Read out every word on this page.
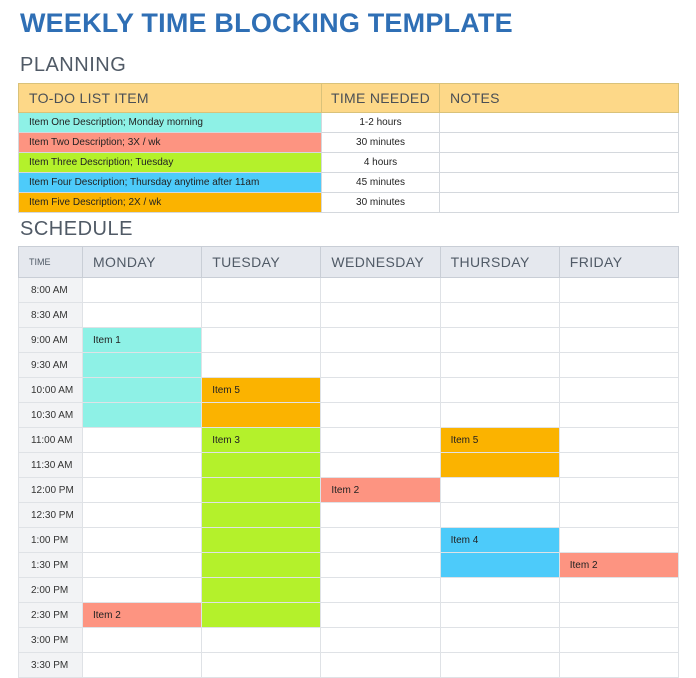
WEEKLY TIME BLOCKING TEMPLATE
PLANNING
TO-DO LIST ITEM	TIME NEEDED	NOTES
Item One Description; Monday morning	1-2 hours	
Item Two Description; 3X / wk	30 minutes	
Item Three Description; Tuesday	4 hours	
Item Four Description; Thursday anytime after 11am	45 minutes	
Item Five Description; 2X / wk	30 minutes	
SCHEDULE
TIME	MONDAY	TUESDAY	WEDNESDAY	THURSDAY	FRIDAY
8:00 AM					
8:30 AM					
9:00 AM	Item 1				
9:30 AM					
10:00 AM		Item 5			
10:30 AM					
11:00 AM		Item 3		Item 5	
11:30 AM					
12:00 PM			Item 2		
12:30 PM					
1:00 PM				Item 4	
1:30 PM					Item 2
2:00 PM					
2:30 PM	Item 2				
3:00 PM					
3:30 PM					
